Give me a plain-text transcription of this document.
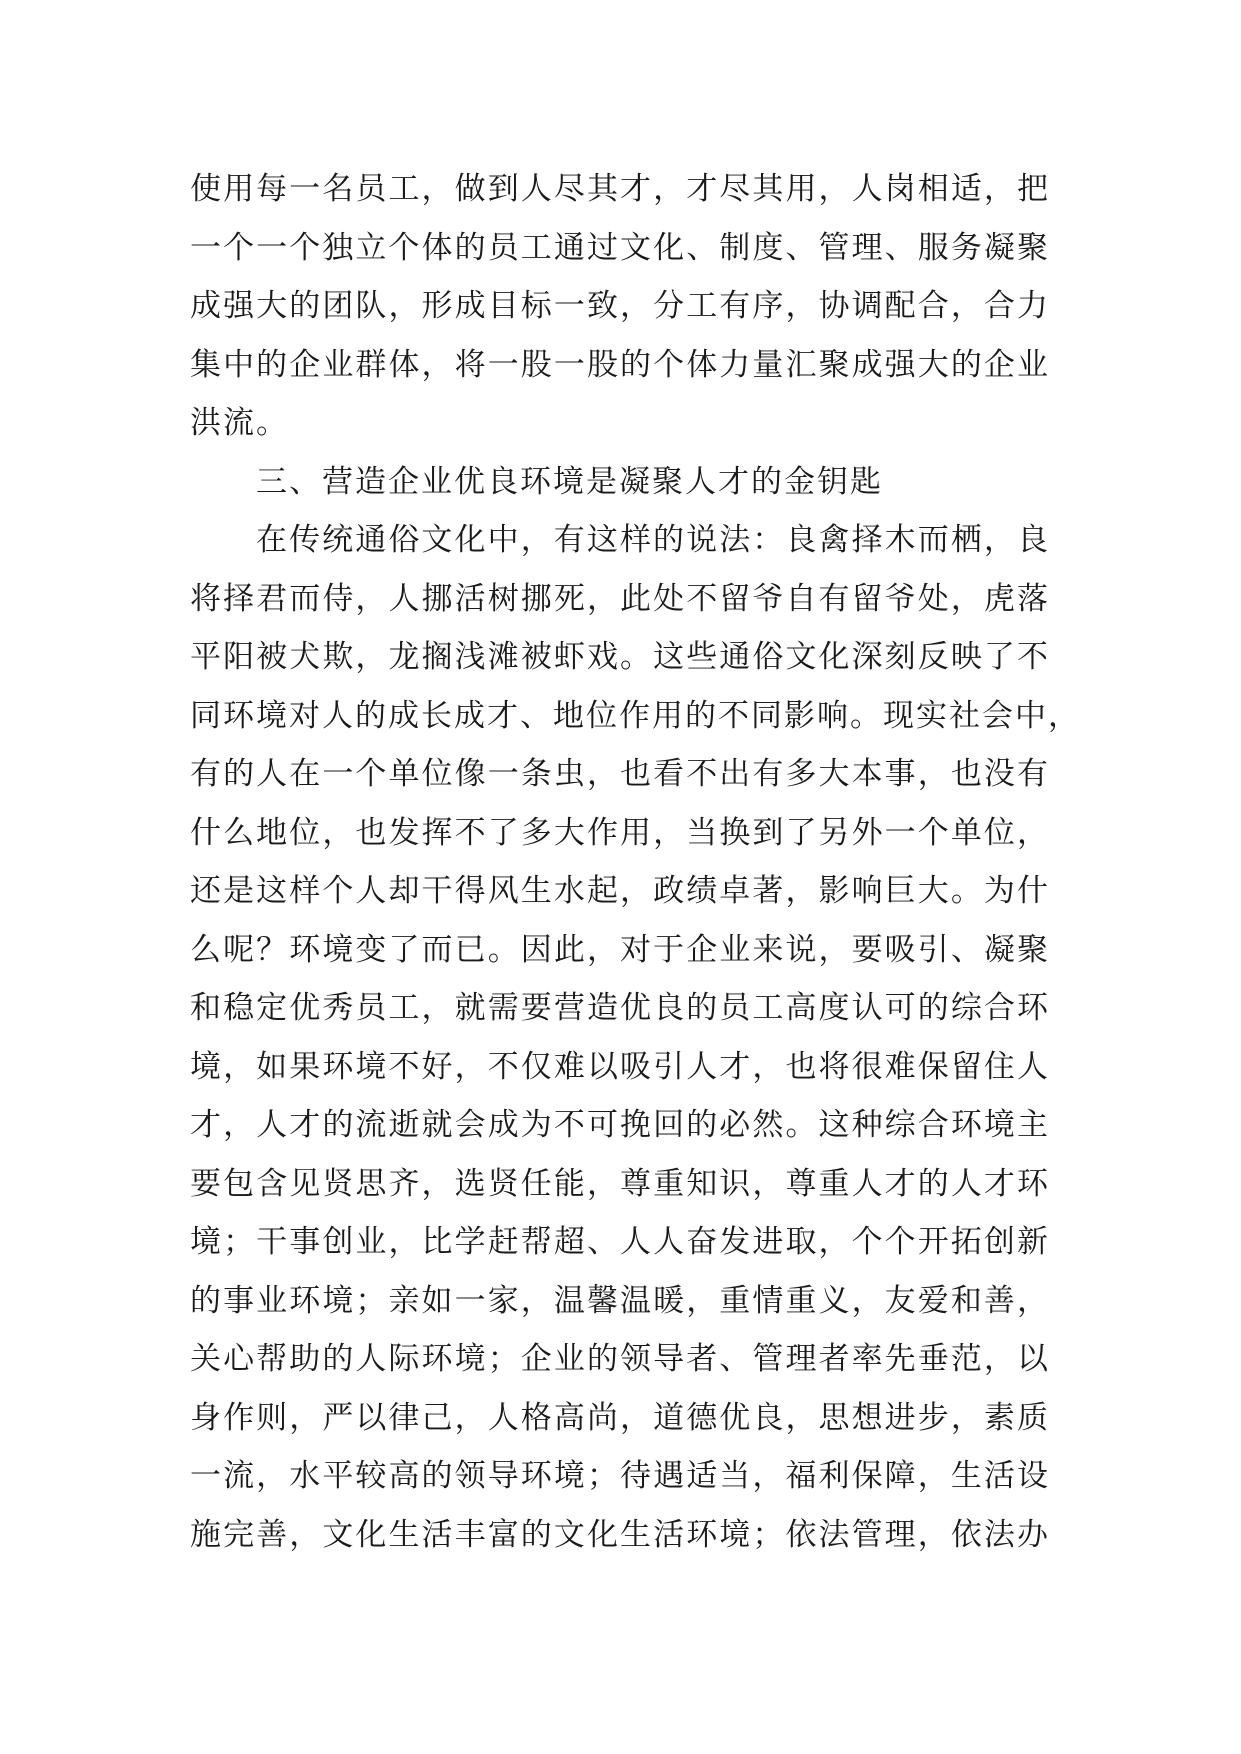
使用每一名员工，做到人尽其才，才尽其用，人岗相适，把
一个一个独立个体的员工通过文化、制度、管理、服务凝聚
成强大的团队，形成目标一致，分工有序，协调配合，合力
集中的企业群体，将一股一股的个体力量汇聚成强大的企业
洪流。
三、营造企业优良环境是凝聚人才的金钥匙
在传统通俗文化中，有这样的说法：良禽择木而栖，良
将择君而侍，人挪活树挪死，此处不留爷自有留爷处，虎落
平阳被犬欺，龙搁浅滩被虾戏。这些通俗文化深刻反映了不
同环境对人的成长成才、地位作用的不同影响。现实社会中，
有的人在一个单位像一条虫，也看不出有多大本事，也没有
什么地位，也发挥不了多大作用，当换到了另外一个单位，
还是这样个人却干得风生水起，政绩卓著，影响巨大。为什
么呢？环境变了而已。因此，对于企业来说，要吸引、凝聚
和稳定优秀员工，就需要营造优良的员工高度认可的综合环
境，如果环境不好，不仅难以吸引人才，也将很难保留住人
才，人才的流逝就会成为不可挽回的必然。这种综合环境主
要包含见贤思齐，选贤任能，尊重知识，尊重人才的人才环
境；干事创业，比学赶帮超、人人奋发进取，个个开拓创新
的事业环境；亲如一家，温馨温暖，重情重义，友爱和善，
关心帮助的人际环境；企业的领导者、管理者率先垂范，以
身作则，严以律己，人格高尚，道德优良，思想进步，素质
一流，水平较高的领导环境；待遇适当，福利保障，生活设
施完善，文化生活丰富的文化生活环境；依法管理，依法办
